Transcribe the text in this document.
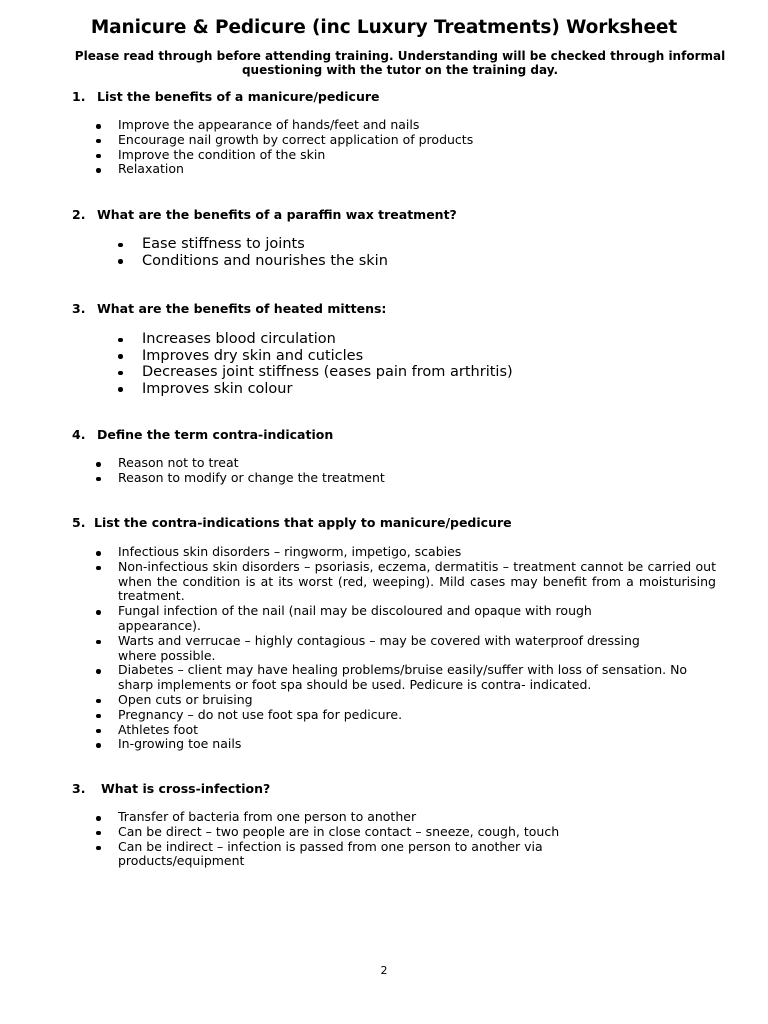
Manicure & Pedicure (inc Luxury Treatments) Worksheet
Please read through before attending training. Understanding will be checked through informal questioning with the tutor on the training day.
1. List the benefits of a manicure/pedicure
Improve the appearance of hands/feet and nails
Encourage nail growth by correct application of products
Improve the condition of the skin
Relaxation
2. What are the benefits of a paraffin wax treatment?
Ease stiffness to joints
Conditions and nourishes the skin
3. What are the benefits of heated mittens:
Increases blood circulation
Improves dry skin and cuticles
Decreases joint stiffness (eases pain from arthritis)
Improves skin colour
4. Define the term contra-indication
Reason not to treat
Reason to modify or change the treatment
5. List the contra-indications that apply to manicure/pedicure
Infectious skin disorders – ringworm, impetigo, scabies
Non-infectious skin disorders – psoriasis, eczema, dermatitis – treatment cannot be carried out when the condition is at its worst (red, weeping). Mild cases may benefit from a moisturising treatment.
Fungal infection of the nail (nail may be discoloured and opaque with rough appearance).
Warts and verrucae – highly contagious – may be covered with waterproof dressing where possible.
Diabetes – client may have healing problems/bruise easily/suffer with loss of sensation. No sharp implements or foot spa should be used. Pedicure is contra- indicated.
Open cuts or bruising
Pregnancy – do not use foot spa for pedicure.
Athletes foot
In-growing toe nails
3. What is cross-infection?
Transfer of bacteria from one person to another
Can be direct – two people are in close contact – sneeze, cough, touch
Can be indirect – infection is passed from one person to another via products/equipment
2
